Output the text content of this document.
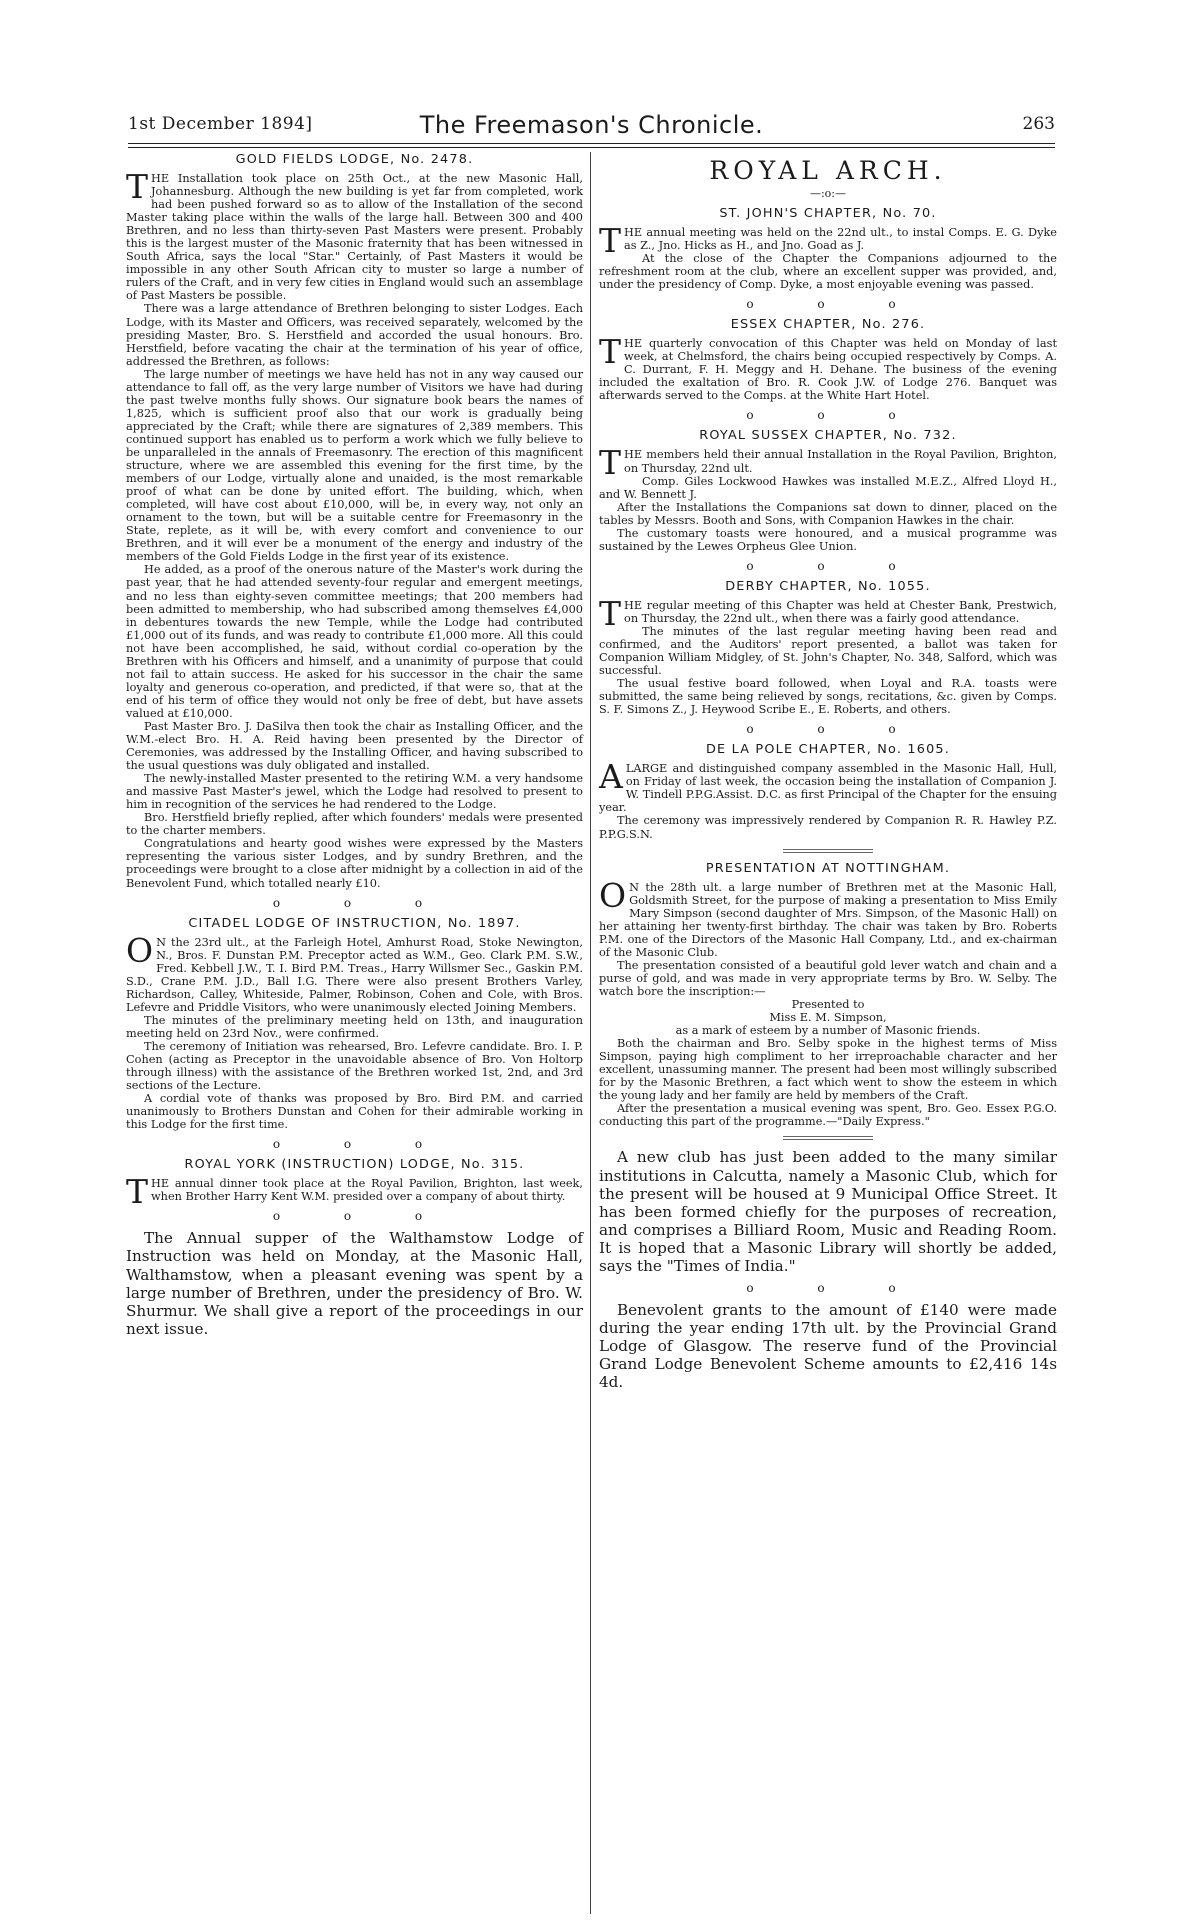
1st December 1894]	The Freemason's Chronicle.	263
GOLD FIELDS LODGE, No. 2478.

THE Installation took place on 25th Oct., at the new Masonic Hall, Johannesburg. Although the new building is yet far from completed, work had been pushed forward so as to allow of the Installation of the second Master taking place within the walls of the large hall. Between 300 and 400 Brethren, and no less than thirty-seven Past Masters were present. Probably this is the largest muster of the Masonic fraternity that has been witnessed in South Africa, says the local "Star." Certainly, of Past Masters it would be impossible in any other South African city to muster so large a number of rulers of the Craft, and in very few cities in England would such an assemblage of Past Masters be possible.

There was a large attendance of Brethren belonging to sister Lodges. Each Lodge, with its Master and Officers, was received separately, welcomed by the presiding Master, Bro. S. Herstfield and accorded the usual honours. Bro. Herstfield, before vacating the chair at the termination of his year of office, addressed the Brethren, as follows:

The large number of meetings we have held has not in any way caused our attendance to fall off, as the very large number of Visitors we have had during the past twelve months fully shows. Our signature book bears the names of 1,825, which is sufficient proof also that our work is gradually being appreciated by the Craft; while there are signatures of 2,389 members. This continued support has enabled us to perform a work which we fully believe to be unparalleled in the annals of Freemasonry. The erection of this magnificent structure, where we are assembled this evening for the first time, by the members of our Lodge, virtually alone and unaided, is the most remarkable proof of what can be done by united effort. The building, which, when completed, will have cost about £10,000, will be, in every way, not only an ornament to the town, but will be a suitable centre for Freemasonry in the State, replete, as it will be, with every comfort and convenience to our Brethren, and it will ever be a monument of the energy and industry of the members of the Gold Fields Lodge in the first year of its existence.

He added, as a proof of the onerous nature of the Master's work during the past year, that he had attended seventy-four regular and emergent meetings, and no less than eighty-seven committee meetings; that 200 members had been admitted to membership, who had subscribed among themselves £4,000 in debentures towards the new Temple, while the Lodge had contributed £1,000 out of its funds, and was ready to contribute £1,000 more. All this could not have been accomplished, he said, without cordial co-operation by the Brethren with his Officers and himself, and a unanimity of purpose that could not fail to attain success. He asked for his successor in the chair the same loyalty and generous co-operation, and predicted, if that were so, that at the end of his term of office they would not only be free of debt, but have assets valued at £10,000.

Past Master Bro. J. DaSilva then took the chair as Installing Officer, and the W.M.-elect Bro. H. A. Reid having been presented by the Director of Ceremonies, was addressed by the Installing Officer, and having subscribed to the usual questions was duly obligated and installed.

The newly-installed Master presented to the retiring W.M. a very handsome and massive Past Master's jewel, which the Lodge had resolved to present to him in recognition of the services he had rendered to the Lodge.

Bro. Herstfield briefly replied, after which founders' medals were presented to the charter members.

Congratulations and hearty good wishes were expressed by the Masters representing the various sister Lodges, and by sundry Brethren, and the proceedings were brought to a close after midnight by a collection in aid of the Benevolent Fund, which totalled nearly £10.

o o o
CITADEL LODGE OF INSTRUCTION, No. 1897.

O N the 23rd ult., at the Farleigh Hotel, Amhurst Road, Stoke Newington, N., Bros. F. Dunstan P.M. Preceptor acted as W.M., Geo. Clark P.M. S.W., Fred. Kebbell J.W., T. I. Bird P.M. Treas., Harry Willsmer Sec., Gaskin P.M. S.D., Crane P.M. J.D., Ball I.G. There were also present Brothers Varley, Richardson, Calley, Whiteside, Palmer, Robinson, Cohen and Cole, with Bros. Lefevre and Priddle Visitors, who were unanimously elected Joining Members.

The minutes of the preliminary meeting held on 13th, and inauguration meeting held on 23rd Nov., were confirmed.

The ceremony of Initiation was rehearsed, Bro. Lefevre candidate. Bro. I. P. Cohen (acting as Preceptor in the unavoidable absence of Bro. Von Holtorp through illness) with the assistance of the Brethren worked 1st, 2nd, and 3rd sections of the Lecture.

A cordial vote of thanks was proposed by Bro. Bird P.M. and carried unanimously to Brothers Dunstan and Cohen for their admirable working in this Lodge for the first time.

o o o
ROYAL YORK (INSTRUCTION) LODGE, No. 315.

THE annual dinner took place at the Royal Pavilion, Brighton, last week, when Brother Harry Kent W.M. presided over a company of about thirty.

o o o

The Annual supper of the Walthamstow Lodge of Instruction was held on Monday, at the Masonic Hall, Walthamstow, when a pleasant evening was spent by a large number of Brethren, under the presidency of Bro. W. Shurmur. We shall give a report of the proceedings in our next issue.

ROYAL ARCH.
—:o:—
ST. JOHN'S CHAPTER, No. 70.

THE annual meeting was held on the 22nd ult., to instal Comps. E. G. Dyke as Z., Jno. Hicks as H., and Jno. Goad as J.

At the close of the Chapter the Companions adjourned to the refreshment room at the club, where an excellent supper was provided, and, under the presidency of Comp. Dyke, a most enjoyable evening was passed.

o o o
ESSEX CHAPTER, No. 276.

THE quarterly convocation of this Chapter was held on Monday of last week, at Chelmsford, the chairs being occupied respectively by Comps. A. C. Durrant, F. H. Meggy and H. Dehane. The business of the evening included the exaltation of Bro. R. Cook J.W. of Lodge 276. Banquet was afterwards served to the Comps. at the White Hart Hotel.

o o o
ROYAL SUSSEX CHAPTER, No. 732.

THE members held their annual Installation in the Royal Pavilion, Brighton, on Thursday, 22nd ult.

Comp. Giles Lockwood Hawkes was installed M.E.Z., Alfred Lloyd H., and W. Bennett J.

After the Installations the Companions sat down to dinner, placed on the tables by Messrs. Booth and Sons, with Companion Hawkes in the chair.

The customary toasts were honoured, and a musical programme was sustained by the Lewes Orpheus Glee Union.

o o o
DERBY CHAPTER, No. 1055.

THE regular meeting of this Chapter was held at Chester Bank, Prestwich, on Thursday, the 22nd ult., when there was a fairly good attendance.

The minutes of the last regular meeting having been read and confirmed, and the Auditors' report presented, a ballot was taken for Companion William Midgley, of St. John's Chapter, No. 348, Salford, which was successful.

The usual festive board followed, when Loyal and R.A. toasts were submitted, the same being relieved by songs, recitations, &c. given by Comps. S. F. Simons Z., J. Heywood Scribe E., E. Roberts, and others.

o o o
DE LA POLE CHAPTER, No. 1605.

ALARGE and distinguished company assembled in the Masonic Hall, Hull, on Friday of last week, the occasion being the installation of Companion J. W. Tindell P.P.G.Assist. D.C. as first Principal of the Chapter for the ensuing year.

The ceremony was impressively rendered by Companion R. R. Hawley P.Z. P.P.G.S.N.

PRESENTATION AT NOTTINGHAM.

O N the 28th ult. a large number of Brethren met at the Masonic Hall, Goldsmith Street, for the purpose of making a presentation to Miss Emily Mary Simpson (second daughter of Mrs. Simpson, of the Masonic Hall) on her attaining her twenty-first birthday. The chair was taken by Bro. Roberts P.M. one of the Directors of the Masonic Hall Company, Ltd., and ex-chairman of the Masonic Club.

The presentation consisted of a beautiful gold lever watch and chain and a purse of gold, and was made in very appropriate terms by Bro. W. Selby. The watch bore the inscription:—

Presented to

Miss E. M. Simpson,

as a mark of esteem by a number of Masonic friends.

Both the chairman and Bro. Selby spoke in the highest terms of Miss Simpson, paying high compliment to her irreproachable character and her excellent, unassuming manner. The present had been most willingly subscribed for by the Masonic Brethren, a fact which went to show the esteem in which the young lady and her family are held by members of the Craft.

After the presentation a musical evening was spent, Bro. Geo. Essex P.G.O. conducting this part of the programme.—"Daily Express."

A new club has just been added to the many similar institutions in Calcutta, namely a Masonic Club, which for the present will be housed at 9 Municipal Office Street. It has been formed chiefly for the purposes of recreation, and comprises a Billiard Room, Music and Reading Room. It is hoped that a Masonic Library will shortly be added, says the "Times of India."

o o o

Benevolent grants to the amount of £140 were made during the year ending 17th ult. by the Provincial Grand Lodge of Glasgow. The reserve fund of the Provincial Grand Lodge Benevolent Scheme amounts to £2,416 14s 4d.
